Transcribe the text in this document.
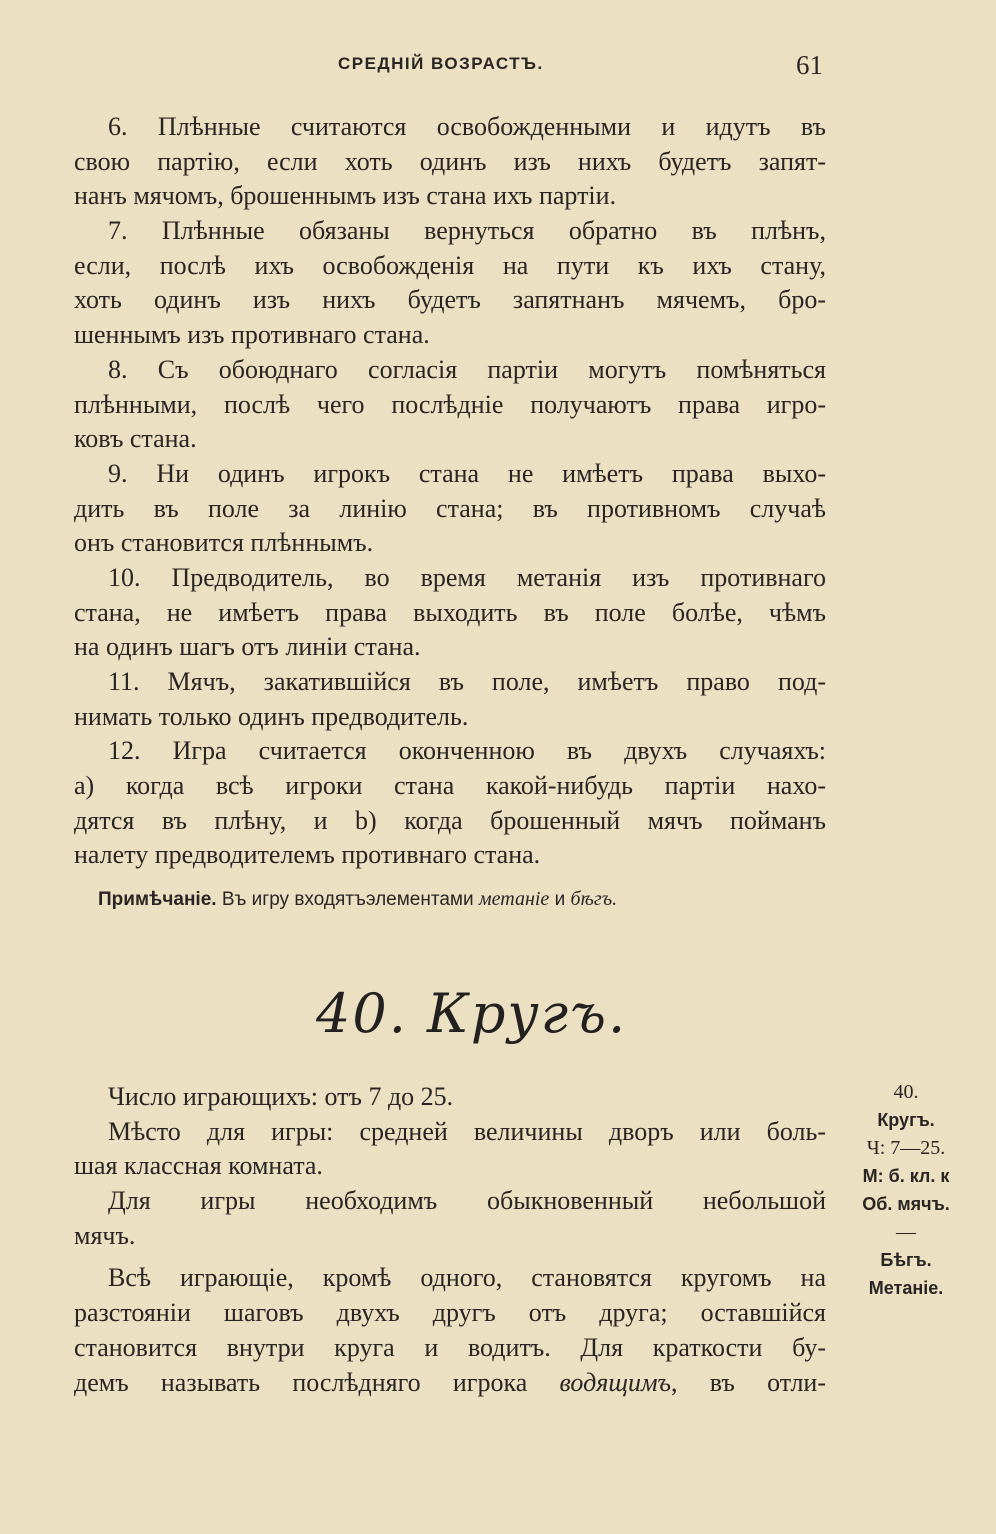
СРЕДНІЙ ВОЗРАСТЪ.	61
6. Плѣнные считаются освобожденными и идутъ въ
свою партію, если хоть одинъ изъ нихъ будетъ запят-
нанъ мячомъ, брошеннымъ изъ стана ихъ партіи.
7. Плѣнные обязаны вернуться обратно въ плѣнъ,
если, послѣ ихъ освобожденія на пути къ ихъ стану,
хоть одинъ изъ нихъ будетъ запятнанъ мячемъ, бро-
шеннымъ изъ противнаго стана.
8. Съ обоюднаго согласія партіи могутъ помѣняться
плѣнными, послѣ чего послѣдніе получаютъ права игро-
ковъ стана.
9. Ни одинъ игрокъ стана не имѣетъ права выхо-
дить въ поле за линію стана; въ противномъ случаѣ
онъ становится плѣннымъ.
10. Предводитель, во время метанія изъ противнаго
стана, не имѣетъ права выходить въ поле болѣе, чѣмъ
на одинъ шагъ отъ линіи стана.
11. Мячъ, закатившійся въ поле, имѣетъ право под-
нимать только одинъ предводитель.
12. Игра считается оконченною въ двухъ случаяхъ:
а) когда всѣ игроки стана какой-нибудь партіи нахо-
дятся въ плѣну, и b) когда брошенный мячъ пойманъ
налету предводителемъ противнаго стана.
Примѣчаніе. Въ игру входятъэлементами метаніе и бѣгъ.
40. Кругъ.
Число играющихъ: отъ 7 до 25.
Мѣсто для игры: средней величины дворъ или боль-
шая классная комната.
Для игры необходимъ обыкновенный небольшой
мячъ.
Всѣ играющіе, кромѣ одного, становятся кругомъ на
разстояніи шаговъ двухъ другъ отъ друга; оставшійся
становится внутри круга и водитъ. Для краткости бу-
демъ называть послѣдняго игрока водящимъ, въ отли-
40.
Кругъ.
Ч: 7—25.
М: б. кл. к
Об. мячъ.
—
Бѣгъ.
Метаніе.
